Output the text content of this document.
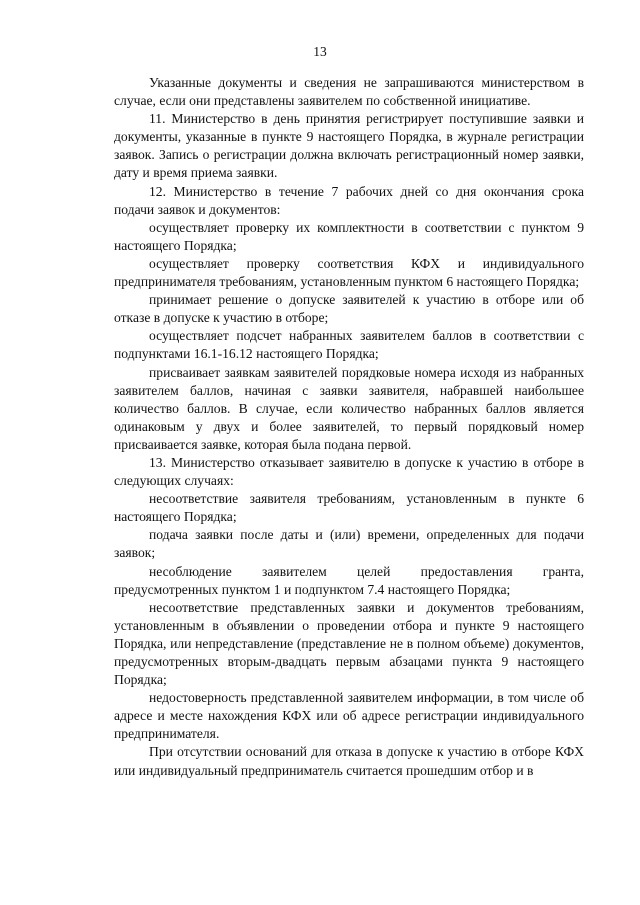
13

Указанные документы и сведения не запрашиваются министерством в случае, если они представлены заявителем по собственной инициативе.

11. Министерство в день принятия регистрирует поступившие заявки и документы, указанные в пункте 9 настоящего Порядка, в журнале регистрации заявок. Запись о регистрации должна включать регистрационный номер заявки, дату и время приема заявки.

12. Министерство в течение 7 рабочих дней со дня окончания срока подачи заявок и документов:

осуществляет проверку их комплектности в соответствии с пунктом 9 настоящего Порядка;

осуществляет проверку соответствия КФХ и индивидуального предпринимателя требованиям, установленным пунктом 6 настоящего Порядка;

принимает решение о допуске заявителей к участию в отборе или об отказе в допуске к участию в отборе;

осуществляет подсчет набранных заявителем баллов в соответствии с подпунктами 16.1-16.12 настоящего Порядка;

присваивает заявкам заявителей порядковые номера исходя из набранных заявителем баллов, начиная с заявки заявителя, набравшей наибольшее количество баллов. В случае, если количество набранных баллов является одинаковым у двух и более заявителей, то первый порядковый номер присваивается заявке, которая была подана первой.

13. Министерство отказывает заявителю в допуске к участию в отборе в следующих случаях:

несоответствие заявителя требованиям, установленным в пункте 6 настоящего Порядка;

подача заявки после даты и (или) времени, определенных для подачи заявок;

несоблюдение заявителем целей предоставления гранта, предусмотренных пунктом 1 и подпунктом 7.4 настоящего Порядка;

несоответствие представленных заявки и документов требованиям, установленным в объявлении о проведении отбора и пункте 9 настоящего Порядка, или непредставление (представление не в полном объеме) документов, предусмотренных вторым-двадцать первым абзацами пункта 9 настоящего Порядка;

недостоверность представленной заявителем информации, в том числе об адресе и месте нахождения КФХ или об адресе регистрации индивидуального предпринимателя.

При отсутствии оснований для отказа в допуске к участию в отборе КФХ или индивидуальный предприниматель считается прошедшим отбор и в
